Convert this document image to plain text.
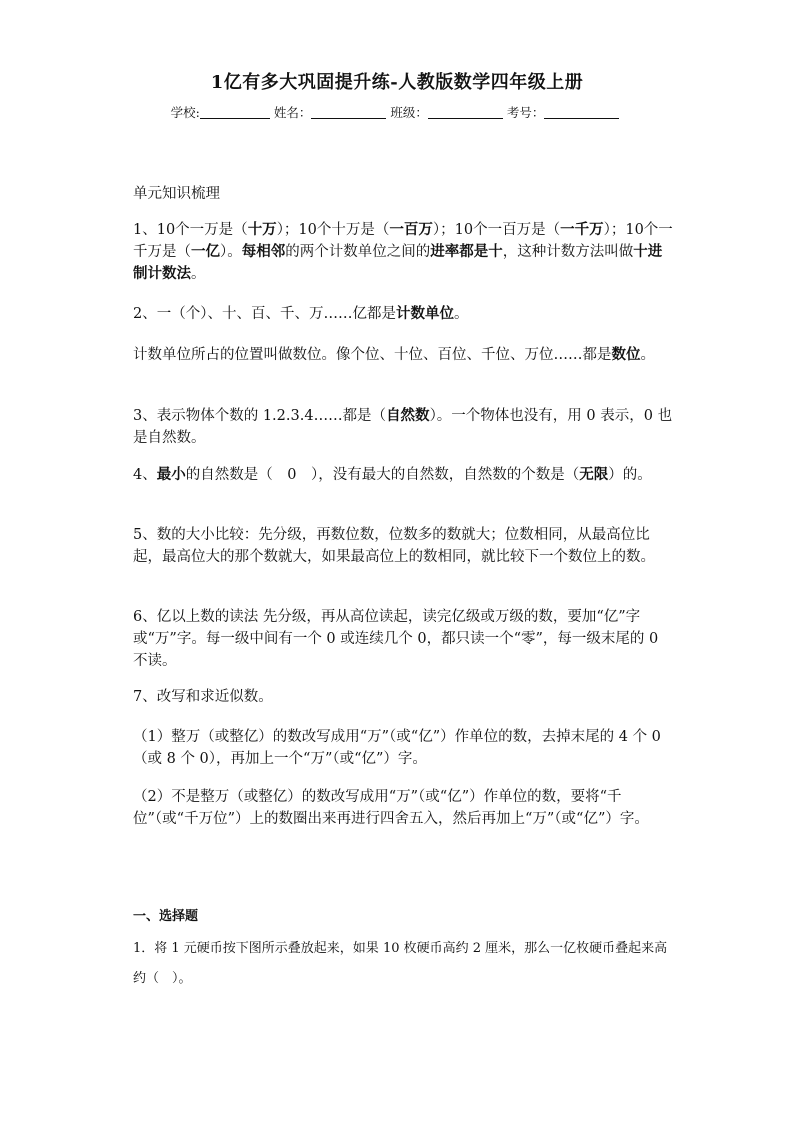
1亿有多大巩固提升练-人教版数学四年级上册
学校:	姓名：	班级：	考号：
单元知识梳理
1、10个一万是（十万）；10个十万是（一百万）；10个一百万是（一千万）；10个一千万是（一亿）。每相邻的两个计数单位之间的进率都是十，这种计数方法叫做十进制计数法。
2、一（个）、十、百、千、万……亿都是计数单位。
计数单位所占的位置叫做数位。像个位、十位、百位、千位、万位……都是数位。
3、表示物体个数的 1.2.3.4……都是（自然数）。一个物体也没有，用 0 表示，0 也是自然数。
4、最小的自然数是（　0　），没有最大的自然数，自然数的个数是（无限）的。
5、数的大小比较：先分级，再数位数，位数多的数就大；位数相同，从最高位比起，最高位大的那个数就大，如果最高位上的数相同，就比较下一个数位上的数。
6、亿以上数的读法 先分级，再从高位读起，读完亿级或万级的数，要加“亿”字或“万”字。每一级中间有一个 0 或连续几个 0，都只读一个“零”，每一级末尾的 0 不读。
7、改写和求近似数。
（1）整万（或整亿）的数改写成用“万”（或“亿”）作单位的数，去掉末尾的 4 个 0（或 8 个 0），再加上一个“万”（或“亿”）字。
（2）不是整万（或整亿）的数改写成用“万”（或“亿”）作单位的数，要将“千位”（或“千万位”）上的数圈出来再进行四舍五入，然后再加上“万”（或“亿”）字。
一、选择题
1．将 1 元硬币按下图所示叠放起来，如果 10 枚硬币高约 2 厘米，那么一亿枚硬币叠起来高约（　）。
